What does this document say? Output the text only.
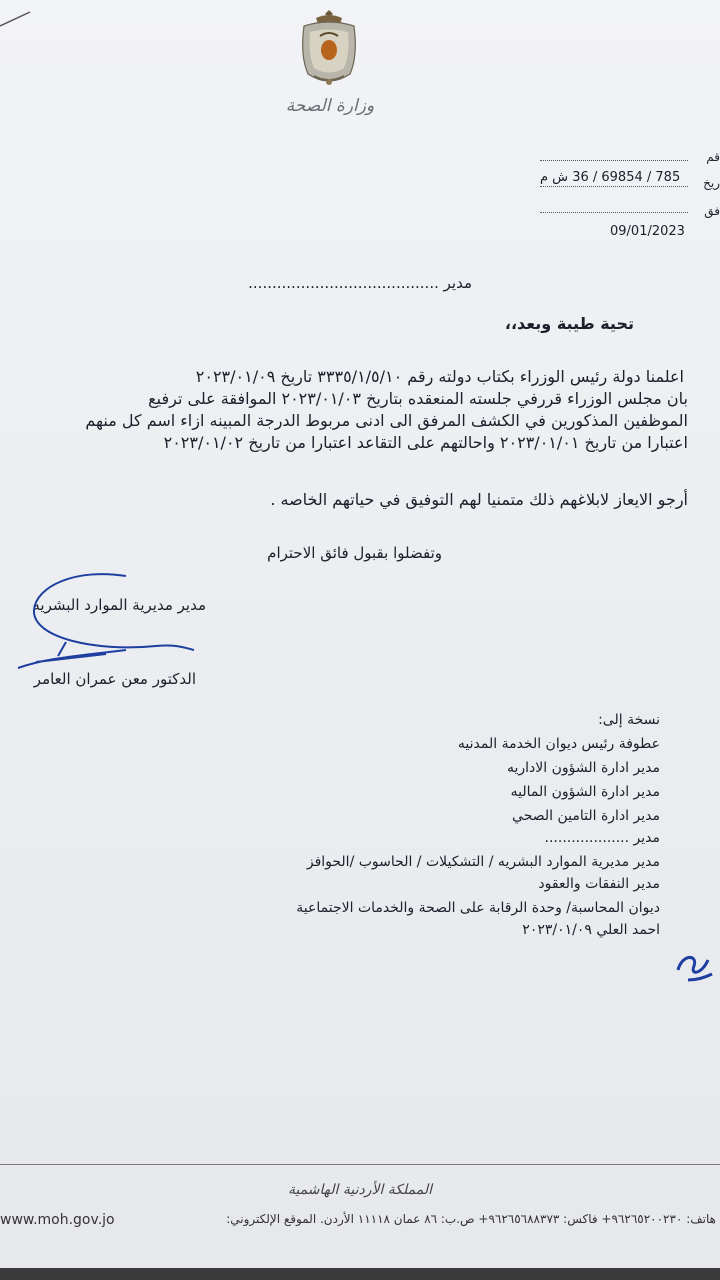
وزارة الصحة
قم
ريخ
فق
785 / 69854 / 36 ش م
09/01/2023
مدير ........................................
تحية طيبة وبعد،،
اعلمنا دولة رئيس الوزراء بكتاب دولته رقم ٣٣٣٥/١/٥/١٠ تاريخ ٢٠٢٣/٠١/٠٩
بان مجلس الوزراء قررفي جلسته المنعقده بتاريخ ٢٠٢٣/٠١/٠٣ الموافقة على ترفيع
الموظفين المذكورين في الكشف المرفق الى ادنى مربوط الدرجة المبينه ازاء اسم كل منهم
اعتبارا من تاريخ ٢٠٢٣/٠١/٠١ واحالتهم على التقاعد اعتبارا من تاريخ ٢٠٢٣/٠١/٠٢
أرجو الايعاز لابلاغهم ذلك متمنيا لهم التوفيق في حياتهم الخاصه .
وتفضلوا بقبول فائق الاحترام
مدير مديرية الموارد البشريه
الدكتور معن عمران العامر
نسخة إلى:
عطوفة رئيس ديوان الخدمة المدنيه
مدير ادارة الشؤون الاداريه
مدير ادارة الشؤون الماليه
مدير ادارة التامين الصحي
مدير ...................
مدير مديرية الموارد البشريه / التشكيلات / الحاسوب /الحوافز
مدير النفقات والعقود
ديوان المحاسبة/ وحدة الرقابة على الصحة والخدمات الاجتماعية
احمد العلي ٢٠٢٣/٠١/٠٩
المملكة الأردنية الهاشمية
هاتف: ٩٦٢٦٥٢٠٠٢٣٠+ فاكس: ٩٦٢٦٥٦٨٨٣٧٣+ ص.ب: ٨٦ عمان ١١١١٨ الأردن. الموقع الإلكتروني:
www.moh.gov.jo
